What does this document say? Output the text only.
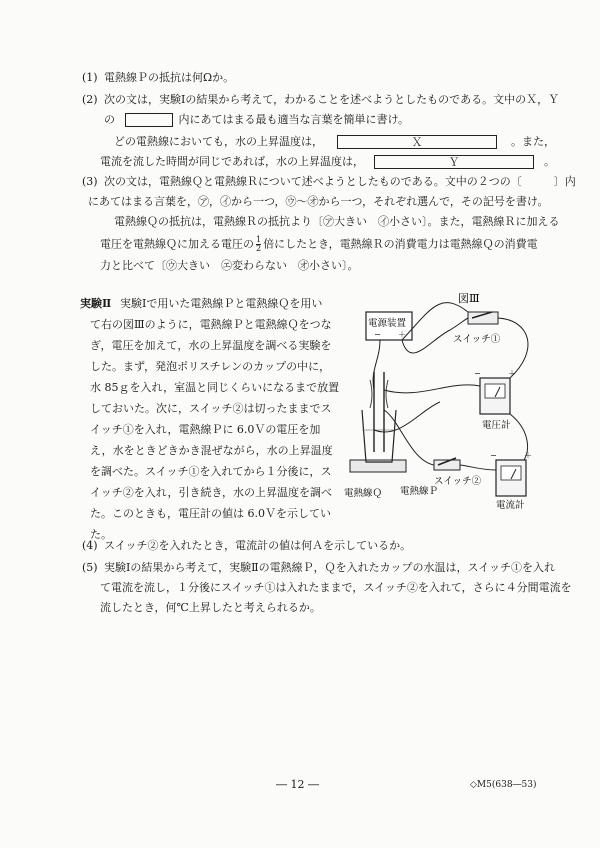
(1) 電熱線Ｐの抵抗は何Ωか。
(2) 次の文は，実験Ⅰの結果から考えて，わかることを述べようとしたものである。文中のＸ，Ｙ
の	内にあてはまる最も適当な言葉を簡単に書け。
どの電熱線においても，水の上昇温度は，	Ｘ	。また，
電流を流した時間が同じであれば，水の上昇温度は，	Ｙ	。
(3) 次の文は，電熱線Ｑと電熱線Ｒについて述べようとしたものである。文中の２つの〔	〕内
にあてはまる言葉を，㋐，㋑から一つ，㋒〜㋔から一つ，それぞれ選んで，その記号を書け。
電熱線Ｑの抵抗は，電熱線Ｒの抵抗より〔㋐大きい　㋑小さい〕。また，電熱線Ｒに加える
電圧を電熱線Ｑに加える電圧の $\frac{1}{2}$ 倍にしたとき，電熱線Ｒの消費電力は電熱線Ｑの消費電
力と比べて〔㋒大きい　㋓変わらない　㋔小さい〕。
実験Ⅱ 実験Ⅰで用いた電熱線Ｐと電熱線Ｑを用い
て右の図Ⅲのように，電熱線Ｐと電熱線Ｑをつな
ぎ，電圧を加えて，水の上昇温度を調べる実験を
した。まず，発泡ポリスチレンのカップの中に，
水 85ｇを入れ，室温と同じくらいになるまで放置
しておいた。次に，スイッチ②は切ったままでス
イッチ①を入れ，電熱線Ｐに 6.0Ｖの電圧を加
え，水をときどきかき混ぜながら，水の上昇温度
を調べた。スイッチ①を入れてから１分後に，ス
イッチ②を入れ，引き続き，水の上昇温度を調べ
た。このときも，電圧計の値は 6.0Ｖを示してい
た。
図Ⅲ
電源装置
− ＋	スイッチ①
−	＋
電圧計
スイッチ②
−	＋
電流計
電熱線Ｑ 電熱線Ｐ
(4) スイッチ②を入れたとき，電流計の値は何Ａを示しているか。
(5) 実験Ⅰの結果から考えて，実験Ⅱの電熱線Ｐ，Ｑを入れたカップの水温は，スイッチ①を入れ
て電流を流し，１分後にスイッチ①は入れたままで，スイッチ②を入れて，さらに４分間電流を
流したとき，何℃上昇したと考えられるか。
― 12 ―	◇M5(638―53)
